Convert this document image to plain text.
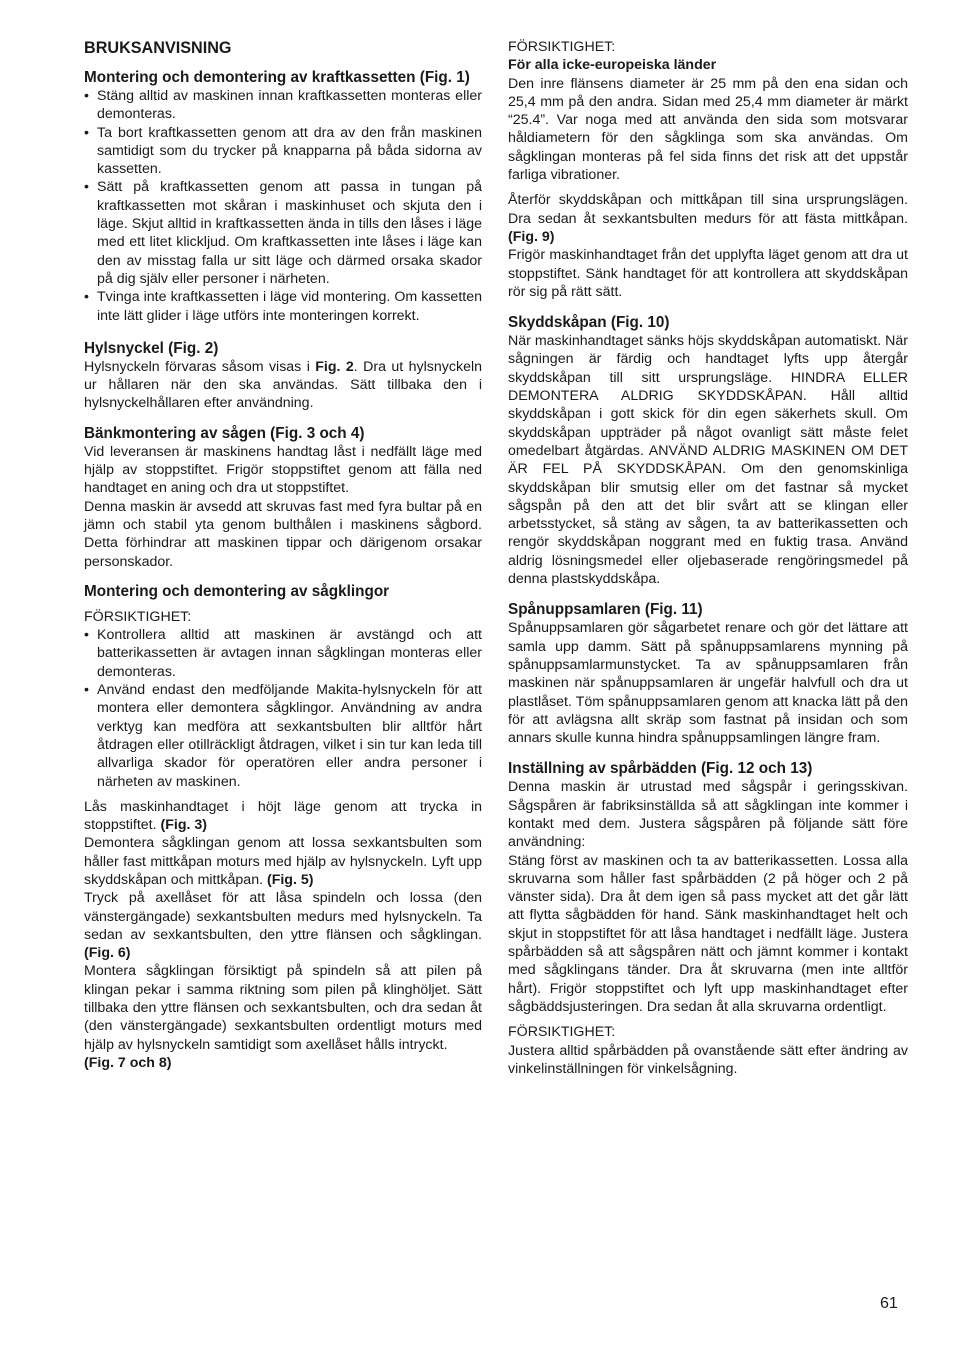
BRUKSANVISNING
Montering och demontering av kraftkassetten (Fig. 1)
• Stäng alltid av maskinen innan kraftkassetten monteras eller demonteras.
• Ta bort kraftkassetten genom att dra av den från maskinen samtidigt som du trycker på knapparna på båda sidorna av kassetten.
• Sätt på kraftkassetten genom att passa in tungan på kraftkassetten mot skåran i maskinhuset och skjuta den i läge. Skjut alltid in kraftkassetten ända in tills den låses i läge med ett litet klickljud. Om kraftkassetten inte låses i läge kan den av misstag falla ur sitt läge och därmed orsaka skador på dig själv eller personer i närheten.
• Tvinga inte kraftkassetten i läge vid montering. Om kassetten inte lätt glider i läge utförs inte monteringen korrekt.
Hylsnyckel (Fig. 2)

Hylsnyckeln förvaras såsom visas i Fig. 2. Dra ut hylsnyckeln ur hållaren när den ska användas. Sätt tillbaka den i hylsnyckelhållaren efter användning.

Bänkmontering av sågen (Fig. 3 och 4)

Vid leveransen är maskinens handtag låst i nedfällt läge med hjälp av stoppstiftet. Frigör stoppstiftet genom att fälla ned handtaget en aning och dra ut stoppstiftet.

Denna maskin är avsedd att skruvas fast med fyra bultar på en jämn och stabil yta genom bulthålen i maskinens sågbord. Detta förhindrar att maskinen tippar och därigenom orsakar personskador.

Montering och demontering av sågklingor

FÖRSIKTIGHET:

• Kontrollera alltid att maskinen är avstängd och att batterikassetten är avtagen innan sågklingan monteras eller demonteras.
• Använd endast den medföljande Makita-hylsnyckeln för att montera eller demontera sågklingor. Användning av andra verktyg kan medföra att sexkantsbulten blir alltför hårt åtdragen eller otillräckligt åtdragen, vilket i sin tur kan leda till allvarliga skador för operatören eller andra personer i närheten av maskinen.

Lås maskinhandtaget i höjt läge genom att trycka in stoppstiftet. (Fig. 3)

Demontera sågklingan genom att lossa sexkantsbulten som håller fast mittkåpan moturs med hjälp av hylsnyckeln. Lyft upp skyddskåpan och mittkåpan. (Fig. 5)

Tryck på axellåset för att låsa spindeln och lossa (den vänstergängade) sexkantsbulten medurs med hylsnyckeln. Ta sedan av sexkantsbulten, den yttre flänsen och sågklingan. (Fig. 6)

Montera sågklingan försiktigt på spindeln så att pilen på klingan pekar i samma riktning som pilen på klinghöljet. Sätt tillbaka den yttre flänsen och sexkantsbulten, och dra sedan åt (den vänstergängade) sexkantsbulten ordentligt moturs med hjälp av hylsnyckeln samtidigt som axellåset hålls intryckt.

(Fig. 7 och 8)

FÖRSIKTIGHET:

För alla icke-europeiska länder

Den inre flänsens diameter är 25 mm på den ena sidan och 25,4 mm på den andra. Sidan med 25,4 mm diameter är märkt “25.4”. Var noga med att använda den sida som motsvarar håldiametern för den sågklinga som ska användas. Om sågklingan monteras på fel sida finns det risk att det uppstår farliga vibrationer.

Återför skyddskåpan och mittkåpan till sina ursprungslägen. Dra sedan åt sexkantsbulten medurs för att fästa mittkåpan. (Fig. 9)

Frigör maskinhandtaget från det upplyfta läget genom att dra ut stoppstiftet. Sänk handtaget för att kontrollera att skyddskåpan rör sig på rätt sätt.

Skyddskåpan (Fig. 10)

När maskinhandtaget sänks höjs skyddskåpan automatiskt. När sågningen är färdig och handtaget lyfts upp återgår skyddskåpan till sitt ursprungsläge. HINDRA ELLER DEMONTERA ALDRIG SKYDDSKÅPAN. Håll alltid skyddskåpan i gott skick för din egen säkerhets skull. Om skyddskåpan uppträder på något ovanligt sätt måste felet omedelbart åtgärdas. ANVÄND ALDRIG MASKINEN OM DET ÄR FEL PÅ SKYDDSKÅPAN. Om den genomskinliga skyddskåpan blir smutsig eller om det fastnar så mycket sågspån på den att det blir svårt att se klingan eller arbetsstycket, så stäng av sågen, ta av batterikassetten och rengör skyddskåpan noggrant med en fuktig trasa. Använd aldrig lösningsmedel eller oljebaserade rengöringsmedel på denna plastskyddskåpa.

Spånuppsamlaren (Fig. 11)

Spånuppsamlaren gör sågarbetet renare och gör det lättare att samla upp damm. Sätt på spånuppsamlarens mynning på spånuppsamlarmunstycket. Ta av spånuppsamlaren från maskinen när spånuppsamlaren är ungefär halvfull och dra ut plastlåset. Töm spånuppsamlaren genom att knacka lätt på den för att avlägsna allt skräp som fastnat på insidan och som annars skulle kunna hindra spånuppsamlingen längre fram.

Inställning av spårbädden (Fig. 12 och 13)

Denna maskin är utrustad med sågspår i geringsskivan. Sågspåren är fabriksinställda så att sågklingan inte kommer i kontakt med dem. Justera sågspåren på följande sätt före användning:

Stäng först av maskinen och ta av batterikassetten. Lossa alla skruvarna som håller fast spårbädden (2 på höger och 2 på vänster sida). Dra åt dem igen så pass mycket att det går lätt att flytta sågbädden för hand. Sänk maskinhandtaget helt och skjut in stoppstiftet för att låsa handtaget i nedfällt läge. Justera spårbädden så att sågspåren nätt och jämnt kommer i kontakt med sågklingans tänder. Dra åt skruvarna (men inte alltför hårt). Frigör stoppstiftet och lyft upp maskinhandtaget efter sågbäddsjusteringen. Dra sedan åt alla skruvarna ordentligt.

FÖRSIKTIGHET:

Justera alltid spårbädden på ovanstående sätt efter ändring av vinkelinställningen för vinkelsågning.

61
